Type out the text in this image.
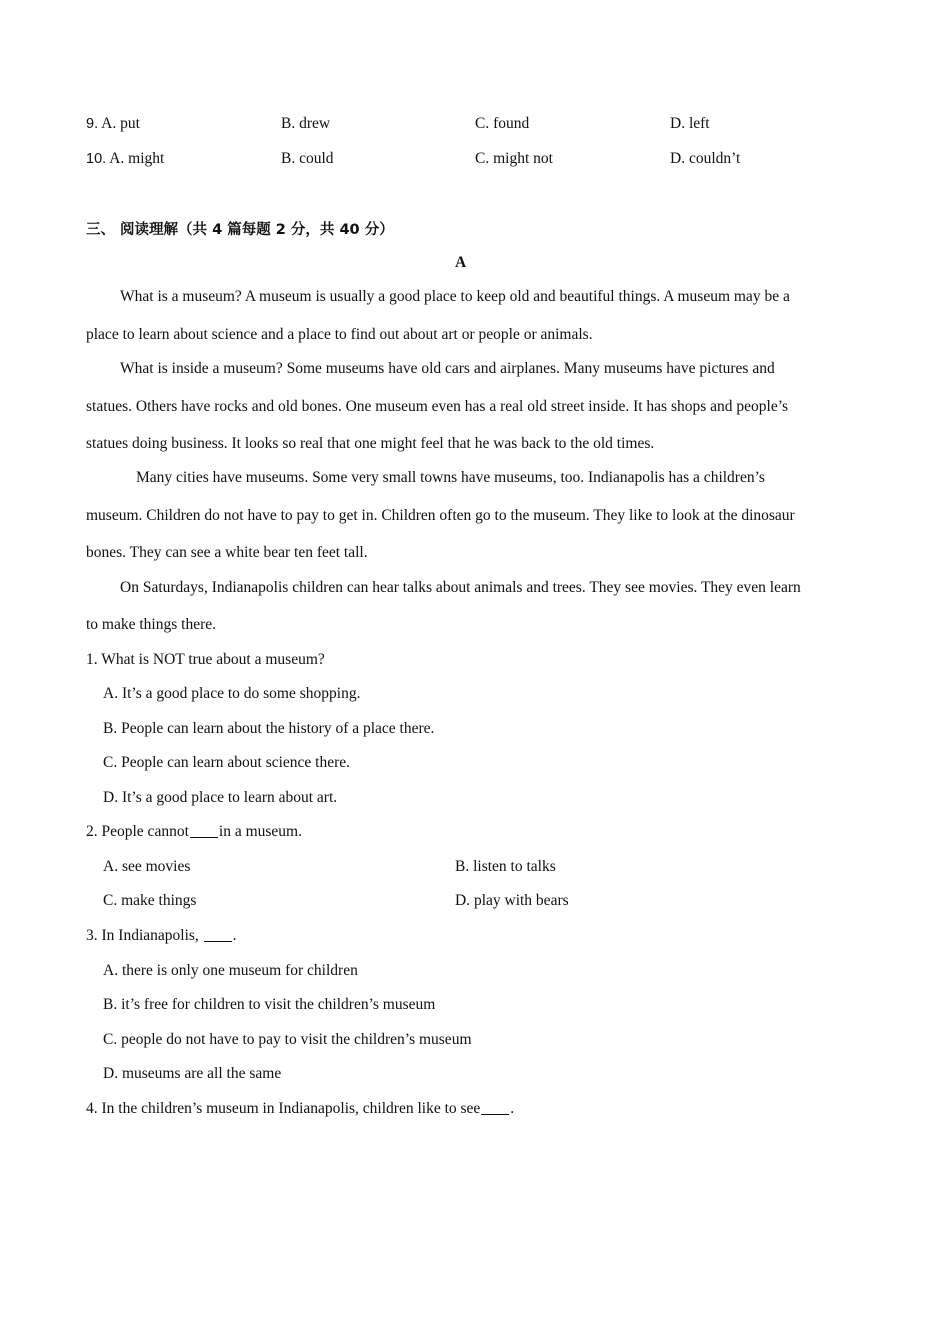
9. A. put	B. drew	C. found	D. left
10. A. might	B. could	C. might not	D. couldn’t
三、 阅读理解（共 4 篇每题 2 分，共 40 分）
A
What is a museum? A museum is usually a good place to keep old and beautiful things. A museum may be a
place to learn about science and a place to find out about art or people or animals.
What is inside a museum? Some museums have old cars and airplanes. Many museums have pictures and
statues. Others have rocks and old bones. One museum even has a real old street inside. It has shops and people’s
statues doing business. It looks so real that one might feel that he was back to the old times.
Many cities have museums. Some very small towns have museums, too. Indianapolis has a children’s
museum. Children do not have to pay to get in. Children often go to the museum. They like to look at the dinosaur
bones. They can see a white bear ten feet tall.
On Saturdays, Indianapolis children can hear talks about animals and trees. They see movies. They even learn
to make things there.
1. What is NOT true about a museum?
A. It’s a good place to do some shopping.
B. People can learn about the history of a place there.
C. People can learn about science there.
D. It’s a good place to learn about art.
2. People cannot in a museum.
A. see movies	B. listen to talks
C. make things	D. play with bears
3. In Indianapolis, .
A. there is only one museum for children
B. it’s free for children to visit the children’s museum
C. people do not have to pay to visit the children’s museum
D. museums are all the same
4. In the children’s museum in Indianapolis, children like to see .
